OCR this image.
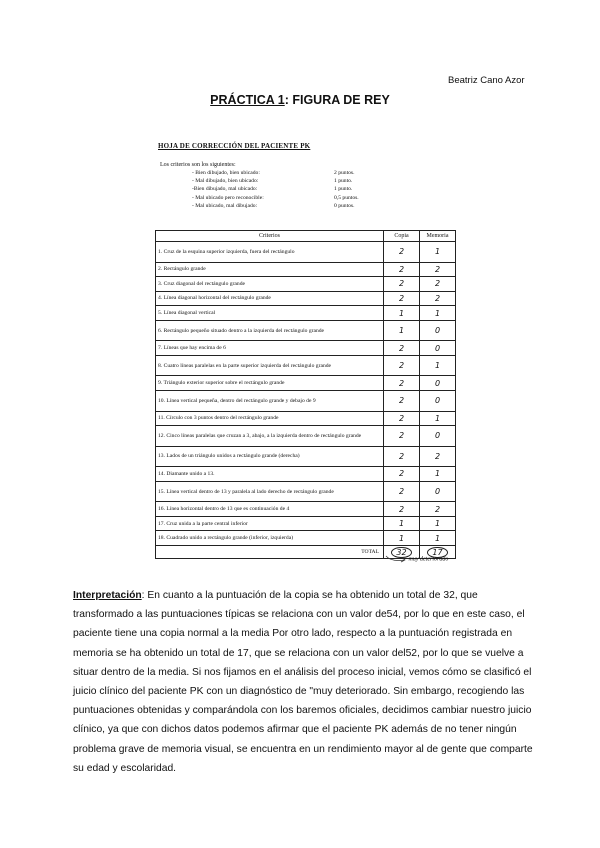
Beatriz Cano Azor
PRÁCTICA 1: FIGURA DE REY
HOJA DE CORRECCIÓN DEL PACIENTE PK
Los criterios son los siguientes:
- Bien dibujado, bien ubicado:	2 puntos.
- Mal dibujado, bien ubicado:	1 punto.
-Bien dibujado, mal ubicado:	1 punto.
- Mal ubicado pero reconocible:	0,5 puntos.
- Mal ubicado, mal dibujado:	0 puntos.
Criterios	Copia	Memoria
1. Cruz de la esquina superior izquierda, fuera del rectángulo	2	1
2. Rectángulo grande	2	2
3. Cruz diagonal del rectángulo grande	2	2
4. Línea diagonal horizontal del rectángulo grande	2	2
5. Línea diagonal vertical	1	1
6. Rectángulo pequeño situado dentro a la izquierda del rectángulo grande	1	0
7. Líneas que hay encima de 6	2	0
8. Cuatro líneas paralelas en la parte superior izquierda del rectángulo grande	2	1
9. Triángulo exterior superior sobre el rectángulo grande	2	0
10. Línea vertical pequeña, dentro del rectángulo grande y debajo de 9	2	0
11. Círculo con 3 puntos dentro del rectángulo grande	2	1
12. Cinco líneas paralelas que cruzan a 3, abajo, a la izquierda dentro de rectángulo grande	2	0
13. Lados de un triángulo unidos a rectángulo grande (derecha)	2	2
14. Diamante unido a 13.	2	1
15. Línea vertical dentro de 13 y paralela al lado derecho de rectángulo grande	2	0
16. Línea horizontal dentro de 13 que es continuación de 4	2	2
17. Cruz unida a la parte central inferior	1	1
18. Cuadrado unido a rectángulo grande (inferior, izquierda)	1	1
TOTAL	32	17
muy deteriorado
Interpretación: En cuanto a la puntuación de la copia se ha obtenido un total de 32, que transformado a las puntuaciones típicas se relaciona con un valor de54, por lo que en este caso, el paciente tiene una copia normal a la media Por otro lado, respecto a la puntuación registrada en memoria se ha obtenido un total de 17, que se relaciona con un valor del52, por lo que se vuelve a situar dentro de la media. Si nos fijamos en el análisis del proceso inicial, vemos cómo se clasificó el juicio clínico del paciente PK con un diagnóstico de "muy deteriorado. Sin embargo, recogiendo las puntuaciones obtenidas y comparándola con los baremos oficiales, decidimos cambiar nuestro juicio clínico, ya que con dichos datos podemos afirmar que el paciente PK además de no tener ningún problema grave de memoria visual, se encuentra en un rendimiento mayor al de gente que comparte su edad y escolaridad.
